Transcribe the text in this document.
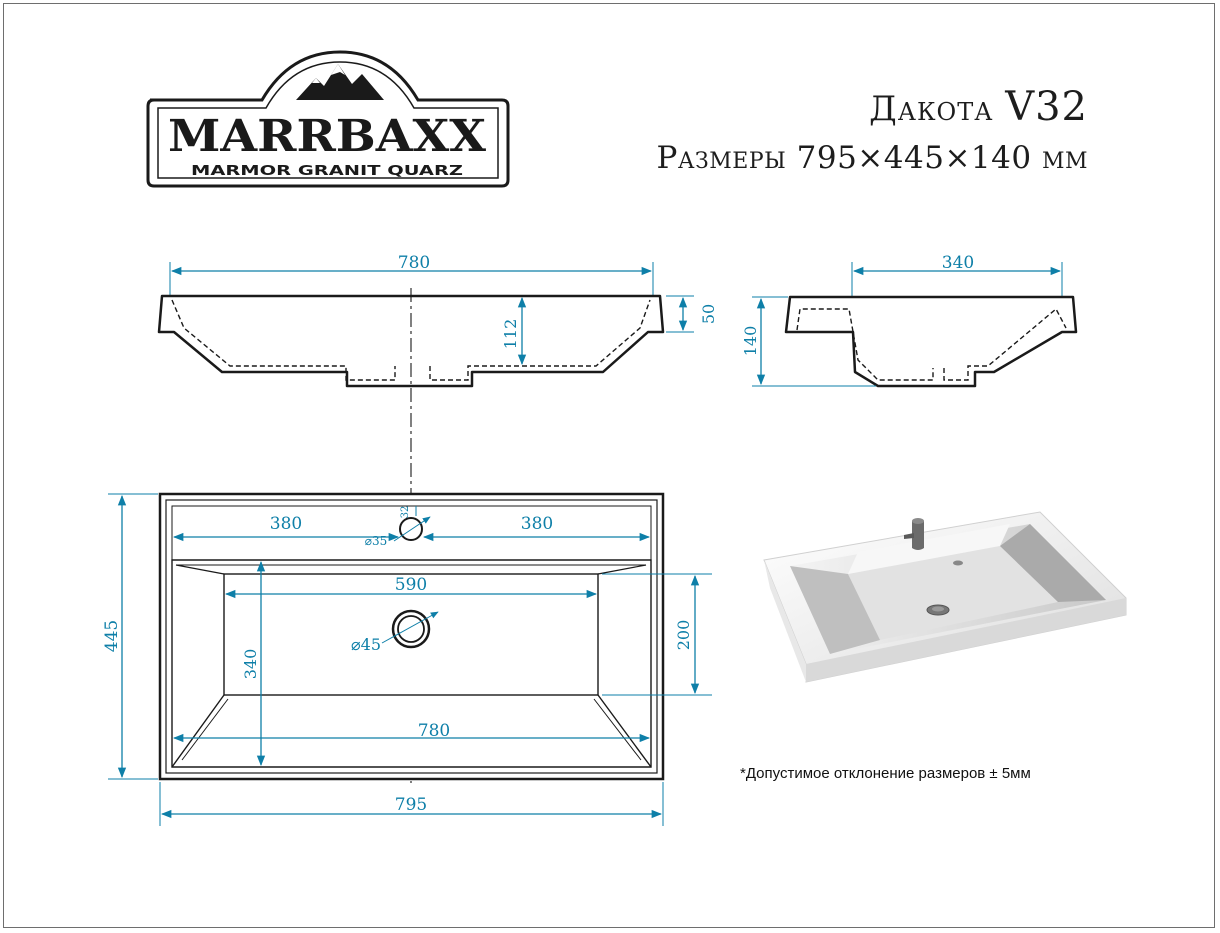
MARRBAXX
MARMOR GRANIT QUARZ
780
50
112
340
140
380	380
32
⌀35
590
⌀45
340
200
780
795
445
Дакота V32
Размеры 795×445×140 мм
*Допустимое отклонение размеров ± 5мм
